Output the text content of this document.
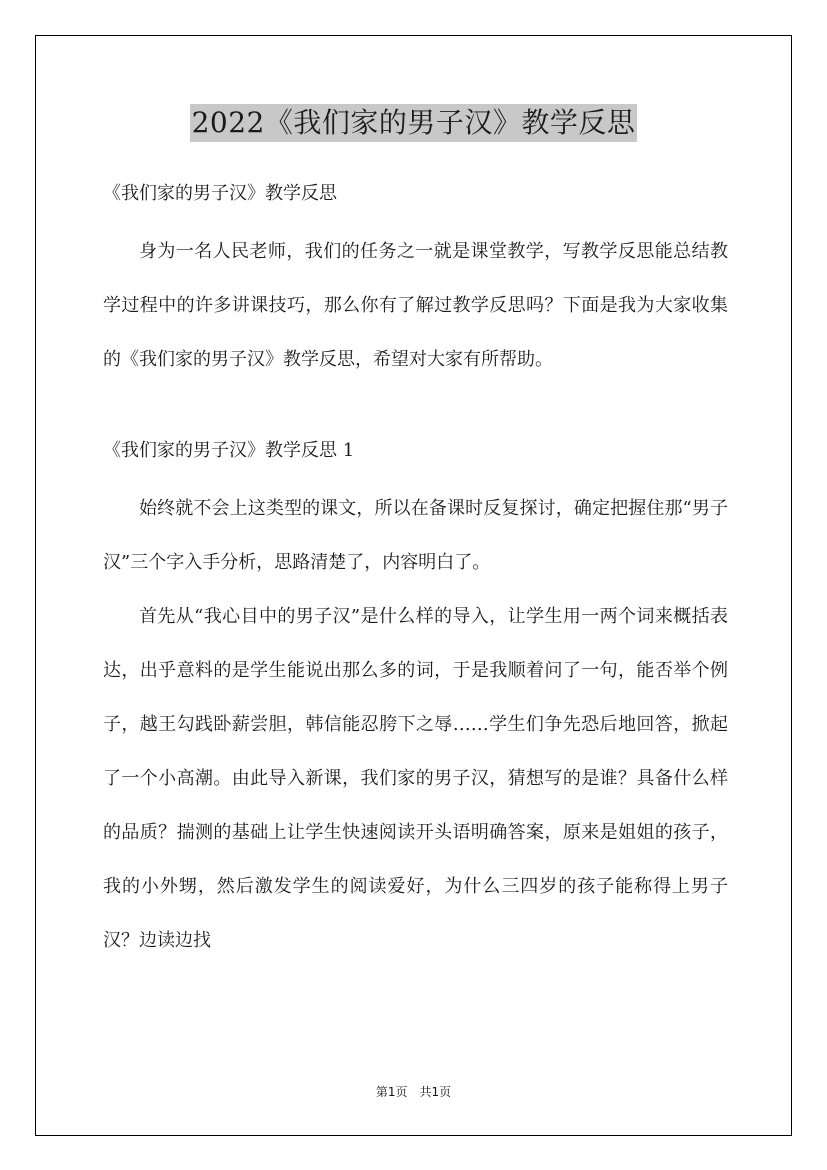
2022《我们家的男子汉》教学反思

《我们家的男子汉》教学反思

身为一名人民老师，我们的任务之一就是课堂教学，写教学反思能总结教学过程中的许多讲课技巧，那么你有了解过教学反思吗？下面是我为大家收集的《我们家的男子汉》教学反思，希望对大家有所帮助。

《我们家的男子汉》教学反思 1

始终就不会上这类型的课文，所以在备课时反复探讨，确定把握住那“男子汉”三个字入手分析，思路清楚了，内容明白了。

首先从“我心目中的男子汉”是什么样的导入，让学生用一两个词来概括表达，出乎意料的是学生能说出那么多的词，于是我顺着问了一句，能否举个例子，越王勾践卧薪尝胆，韩信能忍胯下之辱……学生们争先恐后地回答，掀起了一个小高潮。由此导入新课，我们家的男子汉，猜想写的是谁？具备什么样的品质？揣测的基础上让学生快速阅读开头语明确答案，原来是姐姐的孩子，我的小外甥，然后激发学生的阅读爱好，为什么三四岁的孩子能称得上男子汉？边读边找

第1页　共1页
